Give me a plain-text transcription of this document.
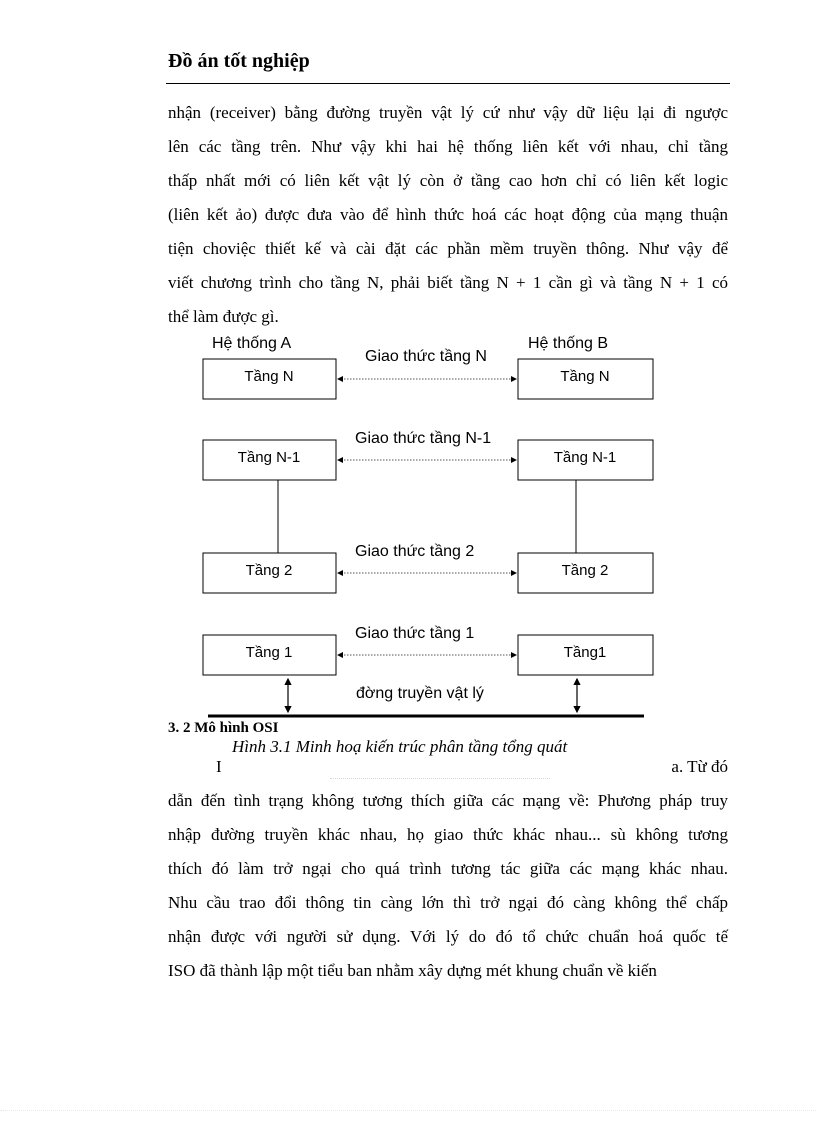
Đồ án tốt nghiệp
nhận (receiver) bằng đường truyền vật lý cứ như vậy dữ liệu lại đi ngược
lên các tầng trên. Như vậy khi hai hệ thống liên kết với nhau, chỉ tầng
thấp nhất mới có liên kết vật lý còn ở tầng cao hơn chỉ có liên kết logic
(liên kết ảo) được đưa vào để hình thức hoá các hoạt động của mạng thuận
tiện choviệc thiết kế và cài đặt các phần mềm truyền thông. Như vậy để
viết chương trình cho tầng N, phải biết tầng N + 1 cần gì và tầng N + 1 có
thể làm được gì.
Hệ thống A	Hệ thống B
Giao thức tầng N
Tầng N	Tầng N
Giao thức tầng N-1
Tầng N-1	Tầng N-1
Giao thức tầng 2
Tầng 2	Tầng 2
Giao thức tầng 1
Tầng 1	Tầng1
đờng truyền vật lý
3. 2 Mô hình OSI
Hình 3.1 Minh hoạ kiến trúc phân tầng tổng quát
I	a. Từ đó
dẫn đến tình trạng không tương thích giữa các mạng về: Phương pháp truy
nhập đường truyền khác nhau, họ giao thức khác nhau... sù không tương
thích đó làm trở ngại cho quá trình tương tác giữa các mạng khác nhau.
Nhu cầu trao đổi thông tin càng lớn thì trở ngại đó càng không thể chấp
nhận được với người sử dụng. Với lý do đó tổ chức chuẩn hoá quốc tế
ISO đã thành lập một tiểu ban nhằm xây dựng mét khung chuẩn về kiến
